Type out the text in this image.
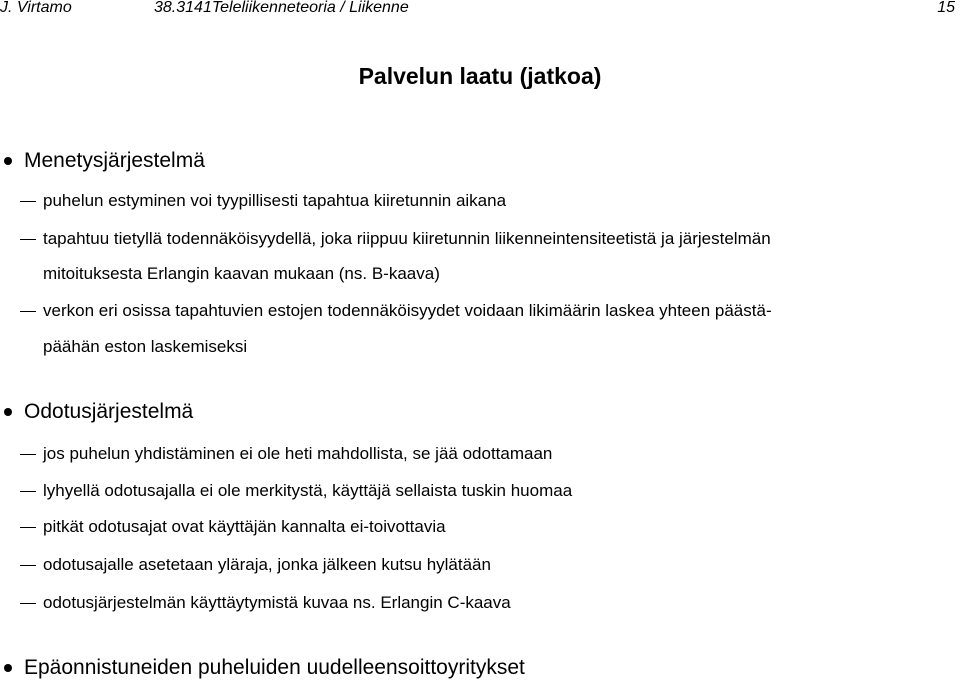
J. Virtamo	38.3141Teleliikenneteoria / Liikenne	15
Palvelun laatu (jatkoa)
Menetysjärjestelmä
puhelun estyminen voi tyypillisesti tapahtua kiiretunnin aikana
tapahtuu tietyllä todennäköisyydellä, joka riippuu kiiretunnin liikenneintensiteetistä ja järjestelmän
mitoituksesta Erlangin kaavan mukaan (ns. B-kaava)
verkon eri osissa tapahtuvien estojen todennäköisyydet voidaan likimäärin laskea yhteen päästä-
päähän eston laskemiseksi
Odotusjärjestelmä
jos puhelun yhdistäminen ei ole heti mahdollista, se jää odottamaan
lyhyellä odotusajalla ei ole merkitystä, käyttäjä sellaista tuskin huomaa
pitkät odotusajat ovat käyttäjän kannalta ei-toivottavia
odotusajalle asetetaan yläraja, jonka jälkeen kutsu hylätään
odotusjärjestelmän käyttäytymistä kuvaa ns. Erlangin C-kaava
Epäonnistuneiden puheluiden uudelleensoittoyritykset
